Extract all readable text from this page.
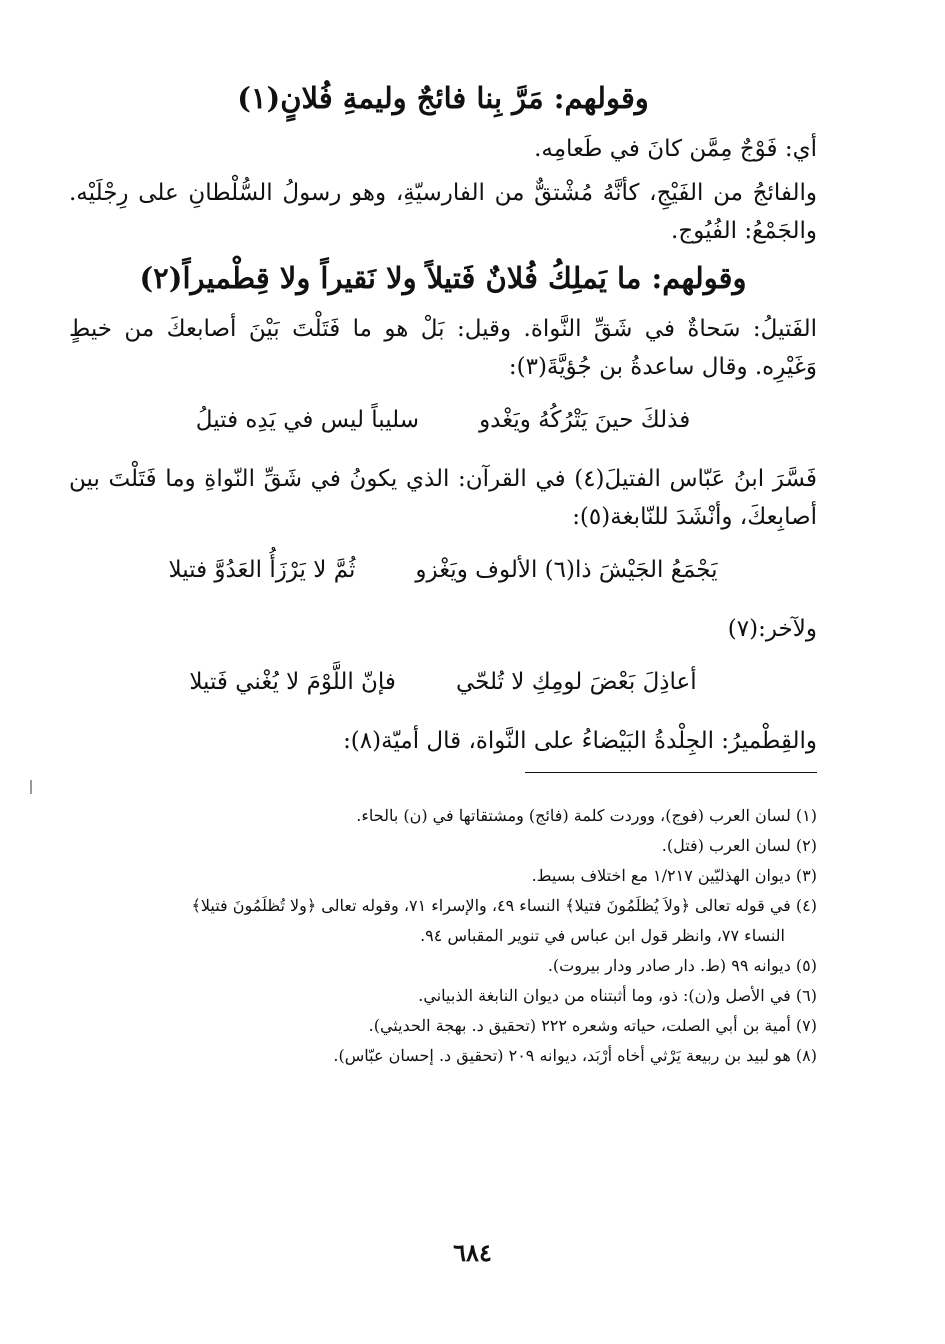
وقولهم: مَرَّ بِنا فائجٌ وليمةِ فُلانٍ(١)

أي: فَوْجٌ مِمَّن كانَ في طَعامِه.

والفائجُ من الفَيْجِ، كأنَّهُ مُشْتقٌّ من الفارسيّةِ، وهو رسولُ السُّلْطانِ على رِجْلَيْه. والجَمْعُ: الفُيُوج.

وقولهم: ما يَملِكُ فُلانٌ فَتيلاً ولا نَقيراً ولا قِطْميراً(٢)

الفَتيلُ: سَحاةٌ في شَقِّ النَّواة. وقيل: بَلْ هو ما فَتَلْتَ بَيْنَ أصابعكَ من خيطٍ وَغَيْرِه. وقال ساعدةُ بن جُؤيَّةَ(٣):

فذلكَ حينَ يَتْرُكُهُ ويَغْدو
سليباً ليس في يَدِه فتيلُ

فَسَّرَ ابنُ عَبّاس الفتيلَ(٤) في القرآن: الذي يكونُ في شَقِّ النّواةِ وما فَتَلْتَ بين أصابِعكَ، وأنْشَدَ للنّابغة(٥):

يَجْمَعُ الجَيْشَ ذا(٦) الألوف ويَغْزو
ثُمَّ لا يَرْزَأُ العَدُوَّ فتيلا

ولآخر:(٧)

أعاذِلَ بَعْضَ لومِكِ لا تُلحّي
فإنّ اللَّوْمَ لا يُغْني فَتيلا

والقِطْميرُ: الجِلْدةُ البَيْضاءُ على النَّواة، قال أميّة(٨):

(١) لسان العرب (فوج)، ووردت كلمة (فائج) ومشتقاتها في (ن) بالحاء.

(٢) لسان العرب (فتل).

(٣) ديوان الهذليّين ١/٢١٧ مع اختلاف بسيط.

(٤) في قوله تعالى ﴿ولاَ يُظلَمُونَ فتيلا﴾ النساء ٤٩، والإسراء ٧١، وقوله تعالى ﴿ولا تُظلَمُونَ فتيلا﴾

النساء ٧٧، وانظر قول ابن عباس في تنوير المقباس ٩٤.

(٥) ديوانه ٩٩ (ط. دار صادر ودار بيروت).

(٦) في الأصل و(ن): ذو، وما أثبتناه من ديوان النابغة الذبياني.

(٧) أمية بن أبي الصلت، حياته وشعره ٢٢٢ (تحقيق د. بهجة الحديثي).

(٨) هو لبيد بن ربيعة يَرْثي أخاه أرْبَد، ديوانه ٢٠٩ (تحقيق د. إحسان عبّاس).

٦٨٤
